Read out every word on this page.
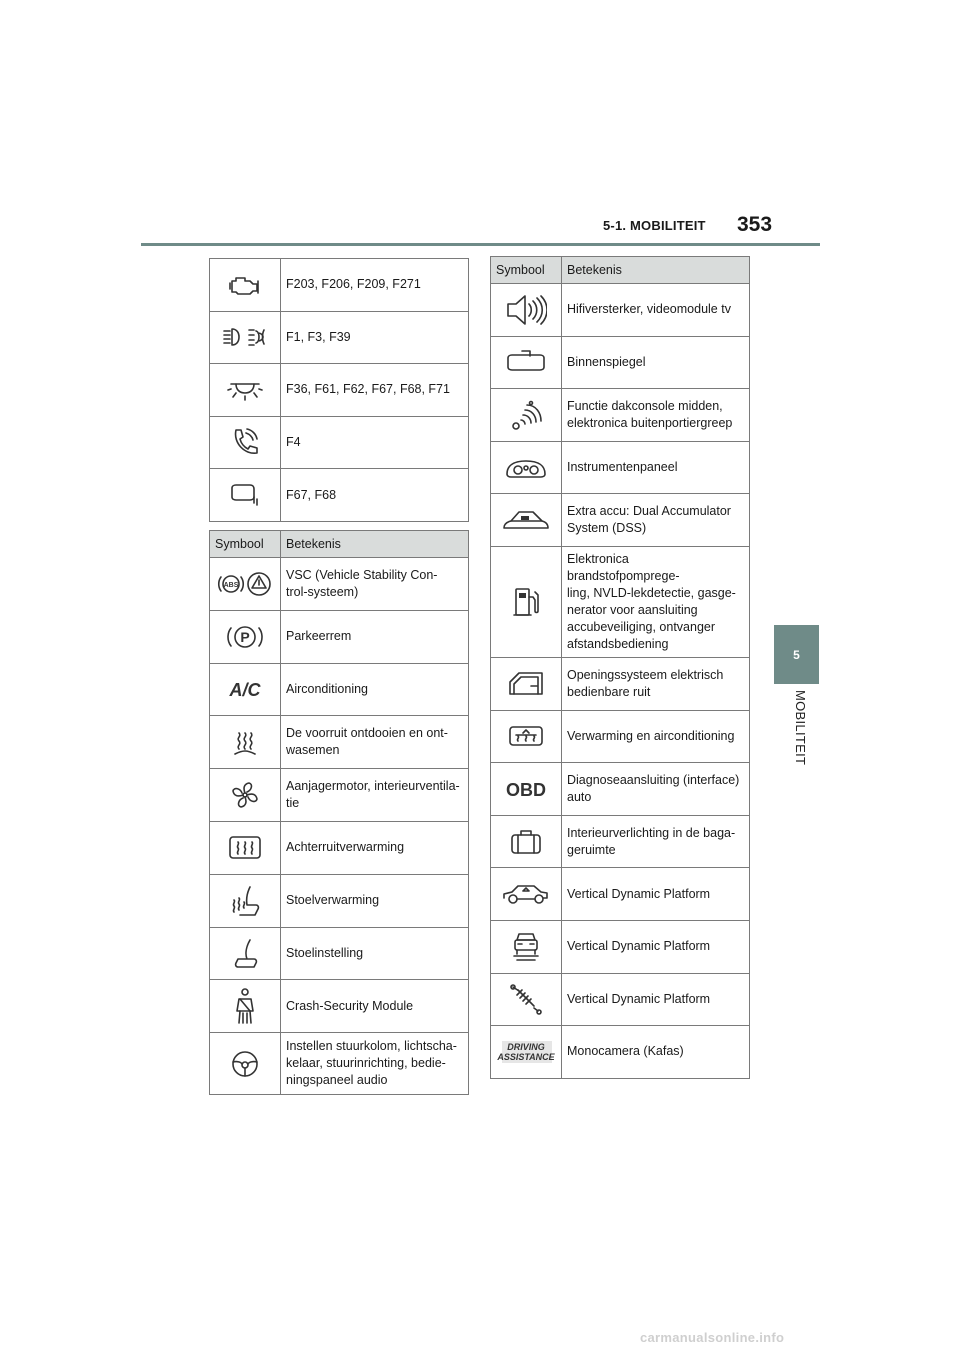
5-1. MOBILITEIT 353
5
MOBILITEIT
	F203, F206, F209, F271
	F1, F3, F39
	F36, F61, F62, F67, F68, F71
	F4
	F67, F68
Symbool	Betekenis

ABS	VSC (Vehicle Stability Con-
trol-systeem)

P	Parkeerrem

A/C	Airconditioning
	De voorruit ontdooien en ont-
wasemen
	Aanjagermotor, interieurventila-
tie
	Achterruitverwarming
	Stoelverwarming
	Stoelinstelling
	Crash-Security Module
	Instellen stuurkolom, lichtscha-
kelaar, stuurinrichting, bedie-
ningspaneel audio
Symbool	Betekenis
	Hifiversterker, videomodule tv
	Binnenspiegel
	Functie dakconsole midden,
elektronica buitenportiergreep
	Instrumentenpaneel
	Extra accu: Dual Accumulator
System (DSS)
	Elektronica brandstofpomprege-
ling, NVLD-lekdetectie, gasge-
nerator voor aansluiting
accubeveiliging, ontvanger
afstandsbediening
	Openingssysteem elektrisch
bedienbare ruit
	Verwarming en airconditioning

OBD	Diagnoseaansluiting (interface)
auto
	Interieurverlichting in de baga-
geruimte
	Vertical Dynamic Platform
	Vertical Dynamic Platform
	Vertical Dynamic Platform

DRIVING
ASSISTANCE	Monocamera (Kafas)
carmanualsonline.info
